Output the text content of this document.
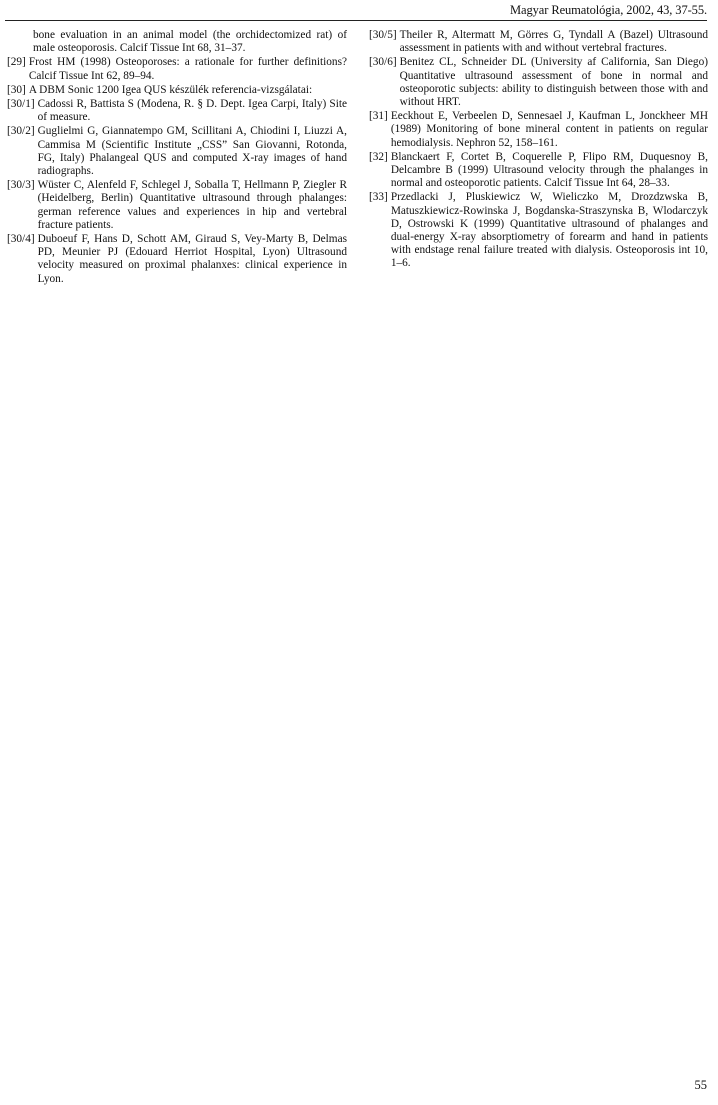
Magyar Reumatológia, 2002, 43, 37-55.
bone evaluation in an animal model (the orchidectomized rat) of male osteoporosis. Calcif Tissue Int 68, 31–37.
[29] Frost HM (1998) Osteoporoses: a rationale for further definitions? Calcif Tissue Int 62, 89–94.
[30] A DBM Sonic 1200 Igea QUS készülék referencia-vizsgálatai:
[30/1] Cadossi R, Battista S (Modena, R. § D. Dept. Igea Carpi, Italy) Site of measure.
[30/2] Guglielmi G, Giannatempo GM, Scillitani A, Chiodini I, Liuzzi A, Cammisa M (Scientific Institute „CSS” San Giovanni, Rotonda, FG, Italy) Phalangeal QUS and computed X-ray images of hand radiographs.
[30/3] Wüster C, Alenfeld F, Schlegel J, Soballa T, Hellmann P, Ziegler R (Heidelberg, Berlin) Quantitative ultrasound through phalanges: german reference values and experiences in hip and vertebral fracture patients.
[30/4] Duboeuf F, Hans D, Schott AM, Giraud S, Vey-Marty B, Delmas PD, Meunier PJ (Edouard Herriot Hospital, Lyon) Ultrasound velocity measured on proximal phalanxes: clinical experience in Lyon.
[30/5] Theiler R, Altermatt M, Görres G, Tyndall A (Bazel) Ultrasound assessment in patients with and without vertebral fractures.
[30/6] Benitez CL, Schneider DL (University af California, San Diego) Quantitative ultrasound assessment of bone in normal and osteoporotic subjects: ability to distinguish between those with and without HRT.
[31] Eeckhout E, Verbeelen D, Sennesael J, Kaufman L, Jonckheer MH (1989) Monitoring of bone mineral content in patients on regular hemodialysis. Nephron 52, 158–161.
[32] Blanckaert F, Cortet B, Coquerelle P, Flipo RM, Duquesnoy B, Delcambre B (1999) Ultrasound velocity through the phalanges in normal and osteoporotic patients. Calcif Tissue Int 64, 28–33.
[33] Przedlacki J, Pluskiewicz W, Wieliczko M, Drozdzwska B, Matuszkiewicz-Rowinska J, Bogdanska-Straszynska B, Wlodarczyk D, Ostrowski K (1999) Quantitative ultrasound of phalanges and dual-energy X-ray absorptiometry of forearm and hand in patients with endstage renal failure treated with dialysis. Osteoporosis int 10, 1–6.
55
